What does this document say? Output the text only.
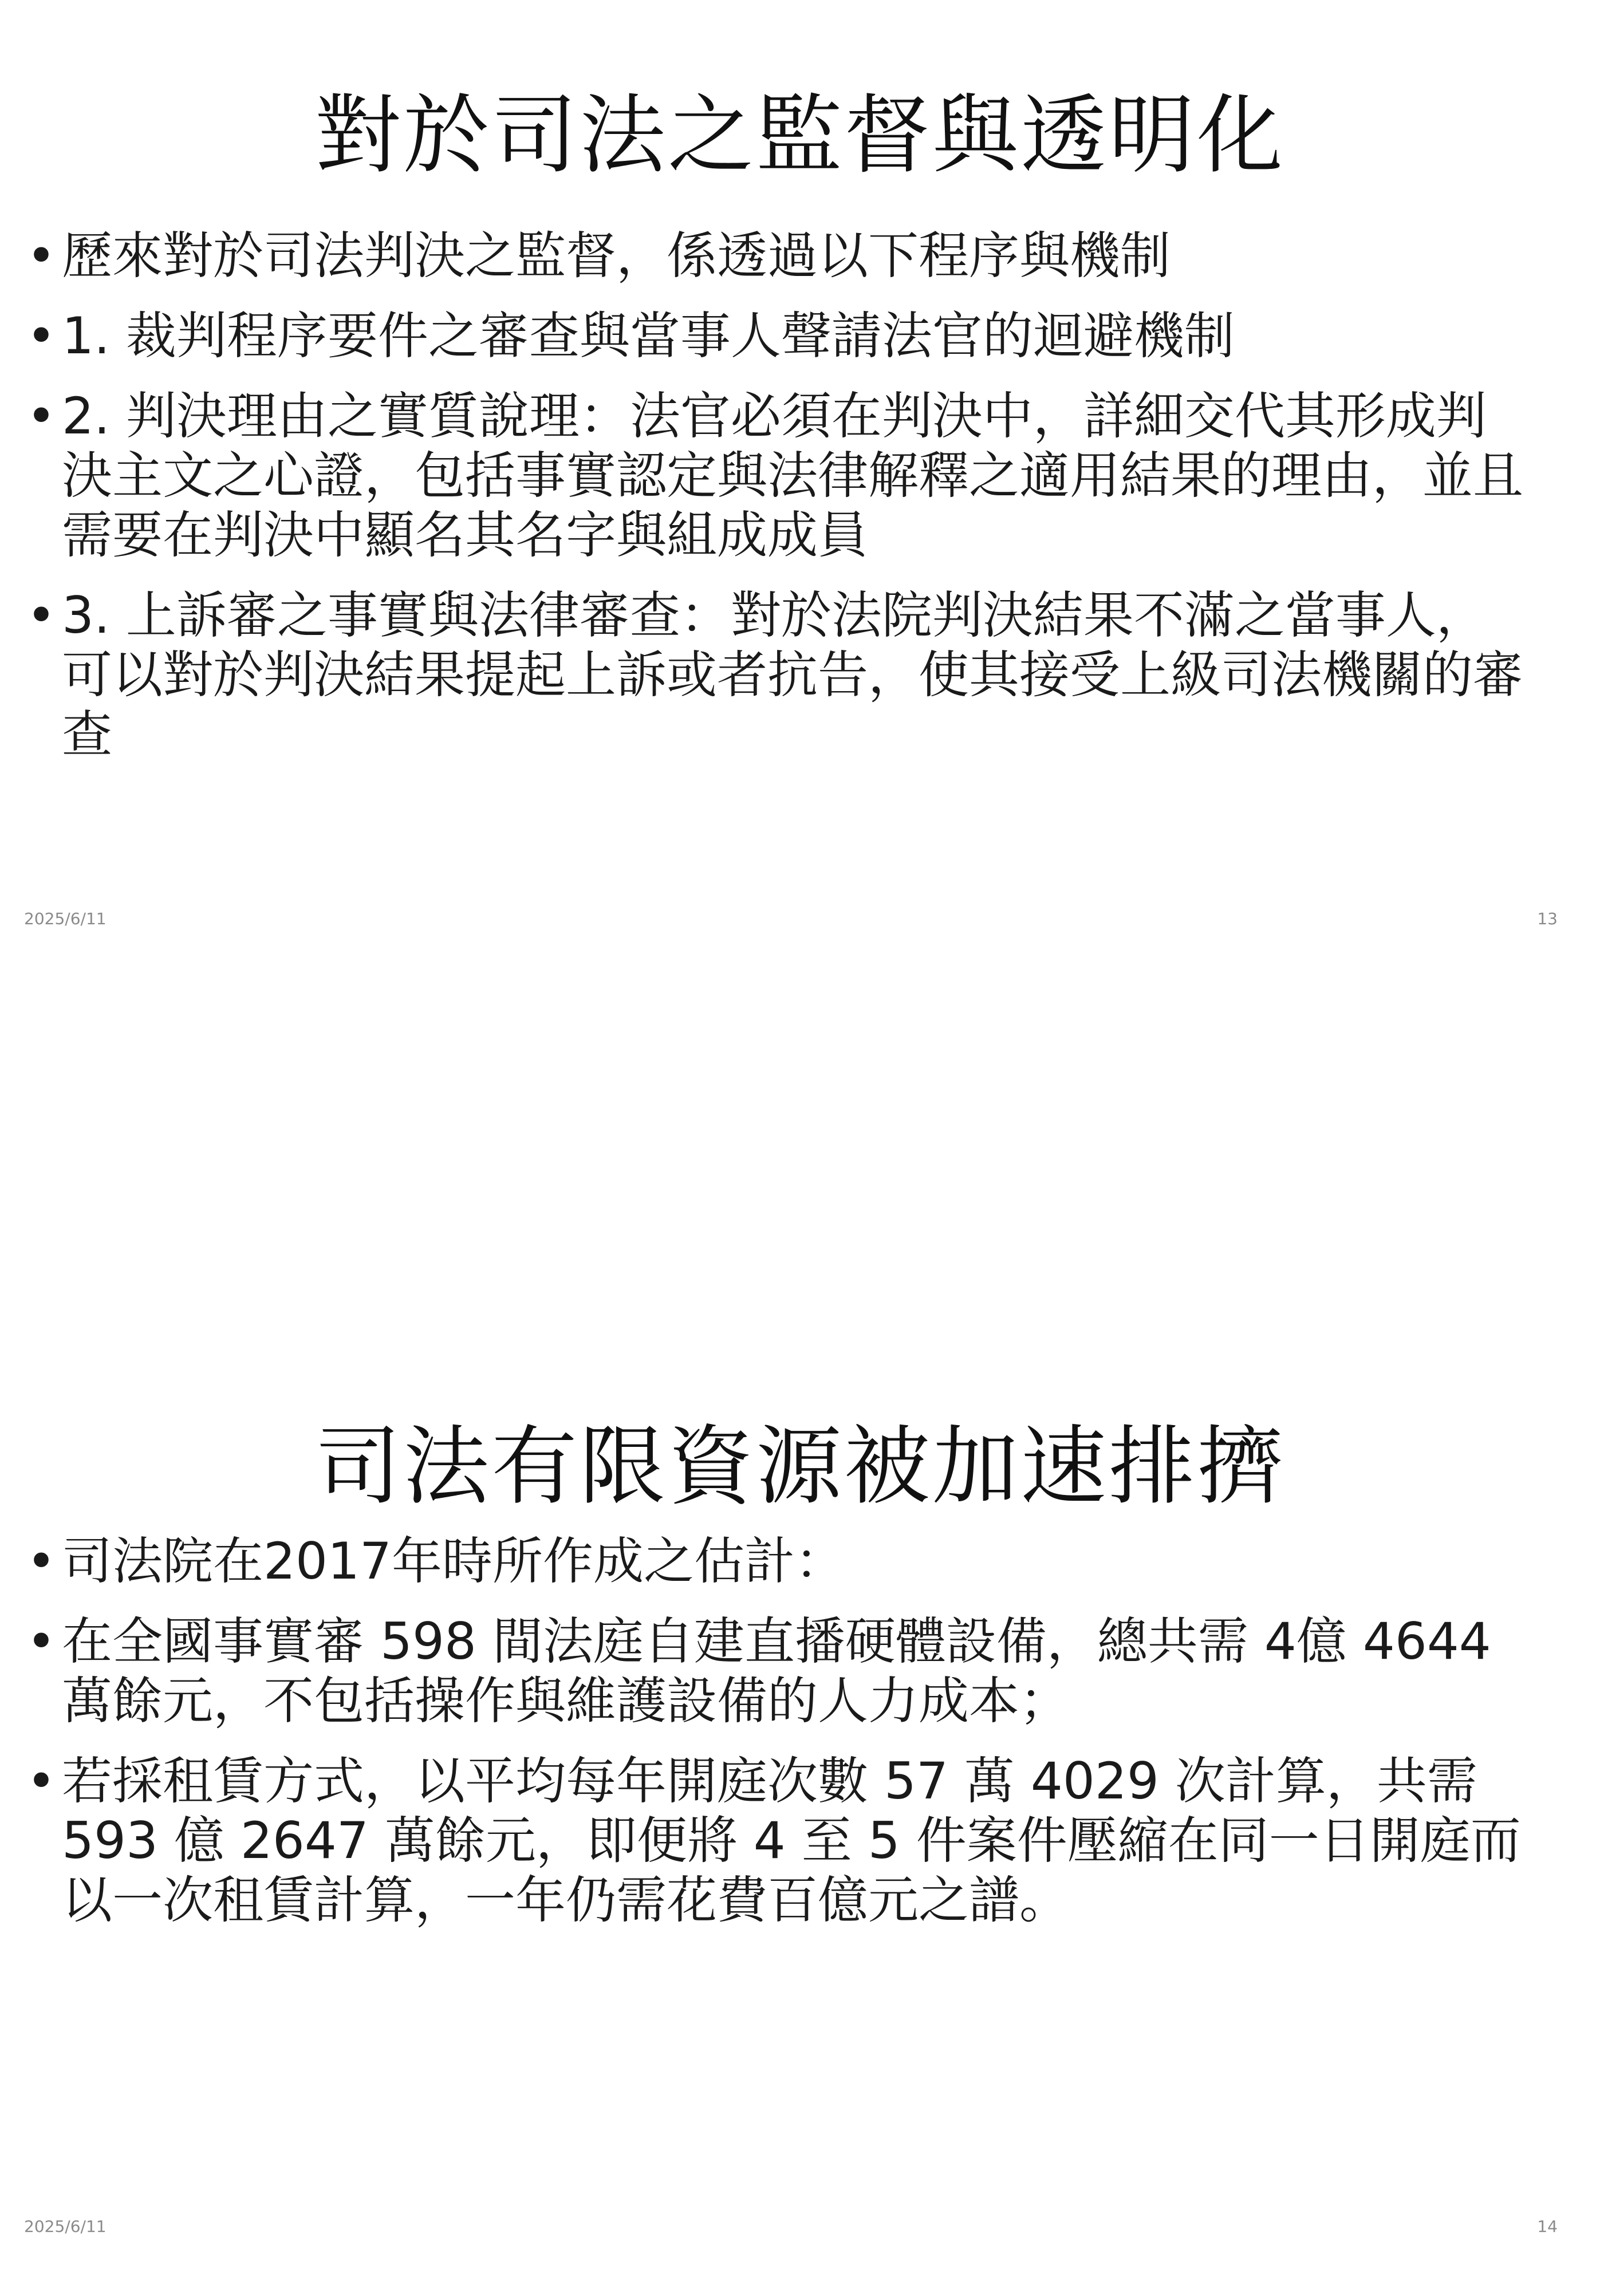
對於司法之監督與透明化
• 歷來對於司法判決之監督，係透過以下程序與機制
• 1. 裁判程序要件之審查與當事人聲請法官的迴避機制
• 2. 判決理由之實質說理：法官必須在判決中，詳細交代其形成判決主文之心證，包括事實認定與法律解釋之適用結果的理由，並且需要在判決中顯名其名字與組成成員
• 3. 上訴審之事實與法律審查：對於法院判決結果不滿之當事人，可以對於判決結果提起上訴或者抗告，使其接受上級司法機關的審查
2025/6/11	13
司法有限資源被加速排擠
• 司法院在2017年時所作成之估計：
• 在全國事實審 598 間法庭自建直播硬體設備，總共需 4億 4644 萬餘元，不包括操作與維護設備的人力成本；
• 若採租賃方式，以平均每年開庭次數 57 萬 4029 次計算，共需 593 億 2647 萬餘元，即便將 4 至 5 件案件壓縮在同一日開庭而以一次租賃計算，一年仍需花費百億元之譜。
2025/6/11	14
